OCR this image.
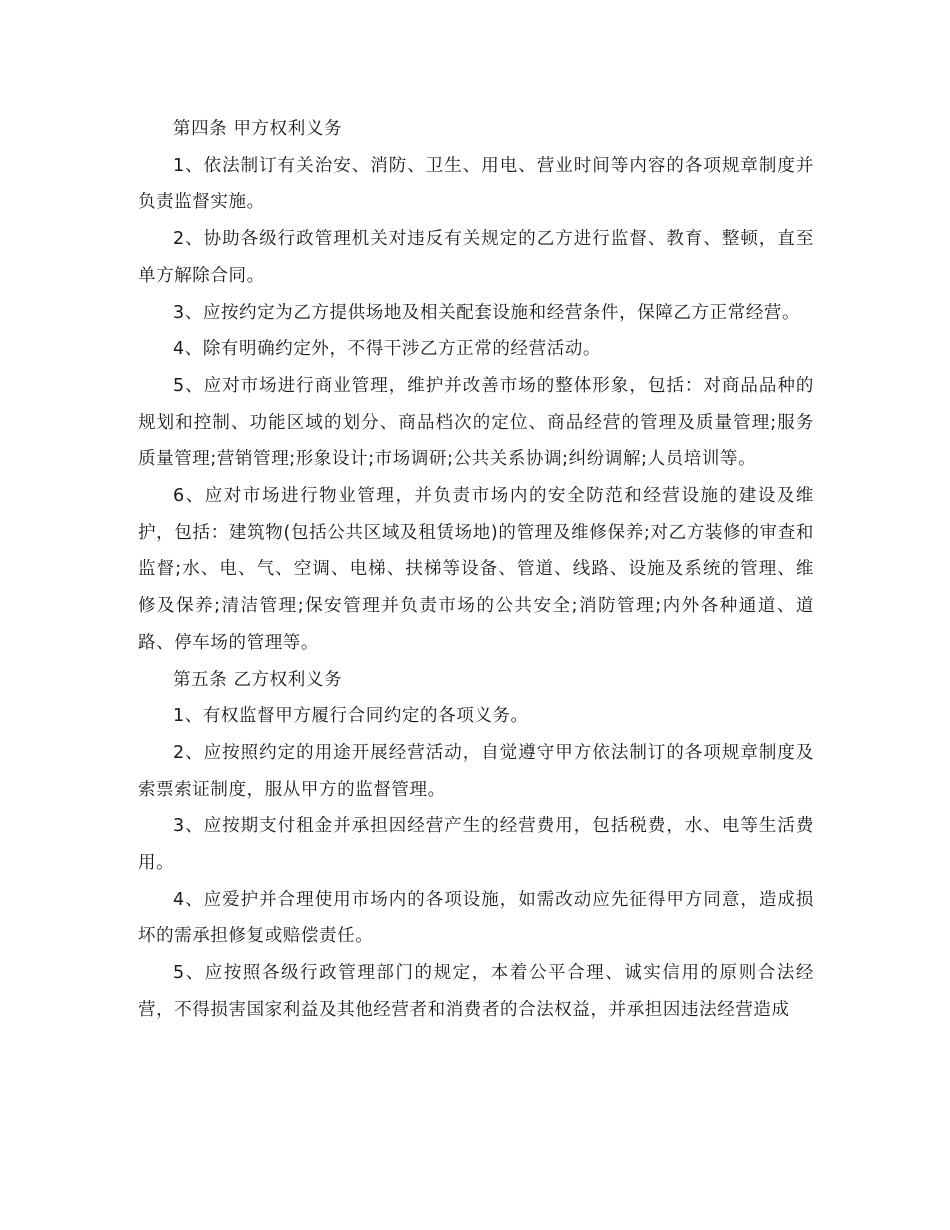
第四条 甲方权利义务

1、依法制订有关治安、消防、卫生、用电、营业时间等内容的各项规章制度并负责监督实施。

2、协助各级行政管理机关对违反有关规定的乙方进行监督、教育、整顿，直至单方解除合同。

3、应按约定为乙方提供场地及相关配套设施和经营条件，保障乙方正常经营。

4、除有明确约定外，不得干涉乙方正常的经营活动。

5、应对市场进行商业管理，维护并改善市场的整体形象，包括：对商品品种的规划和控制、功能区域的划分、商品档次的定位、商品经营的管理及质量管理;服务质量管理;营销管理;形象设计;市场调研;公共关系协调;纠纷调解;人员培训等。

6、应对市场进行物业管理，并负责市场内的安全防范和经营设施的建设及维护，包括：建筑物(包括公共区域及租赁场地)的管理及维修保养;对乙方装修的审查和监督;水、电、气、空调、电梯、扶梯等设备、管道、线路、设施及系统的管理、维修及保养;清洁管理;保安管理并负责市场的公共安全;消防管理;内外各种通道、道路、停车场的管理等。

第五条 乙方权利义务

1、有权监督甲方履行合同约定的各项义务。

2、应按照约定的用途开展经营活动，自觉遵守甲方依法制订的各项规章制度及索票索证制度，服从甲方的监督管理。

3、应按期支付租金并承担因经营产生的经营费用，包括税费，水、电等生活费用。

4、应爱护并合理使用市场内的各项设施，如需改动应先征得甲方同意，造成损坏的需承担修复或赔偿责任。

5、应按照各级行政管理部门的规定，本着公平合理、诚实信用的原则合法经营，不得损害国家利益及其他经营者和消费者的合法权益，并承担因违法经营造成
